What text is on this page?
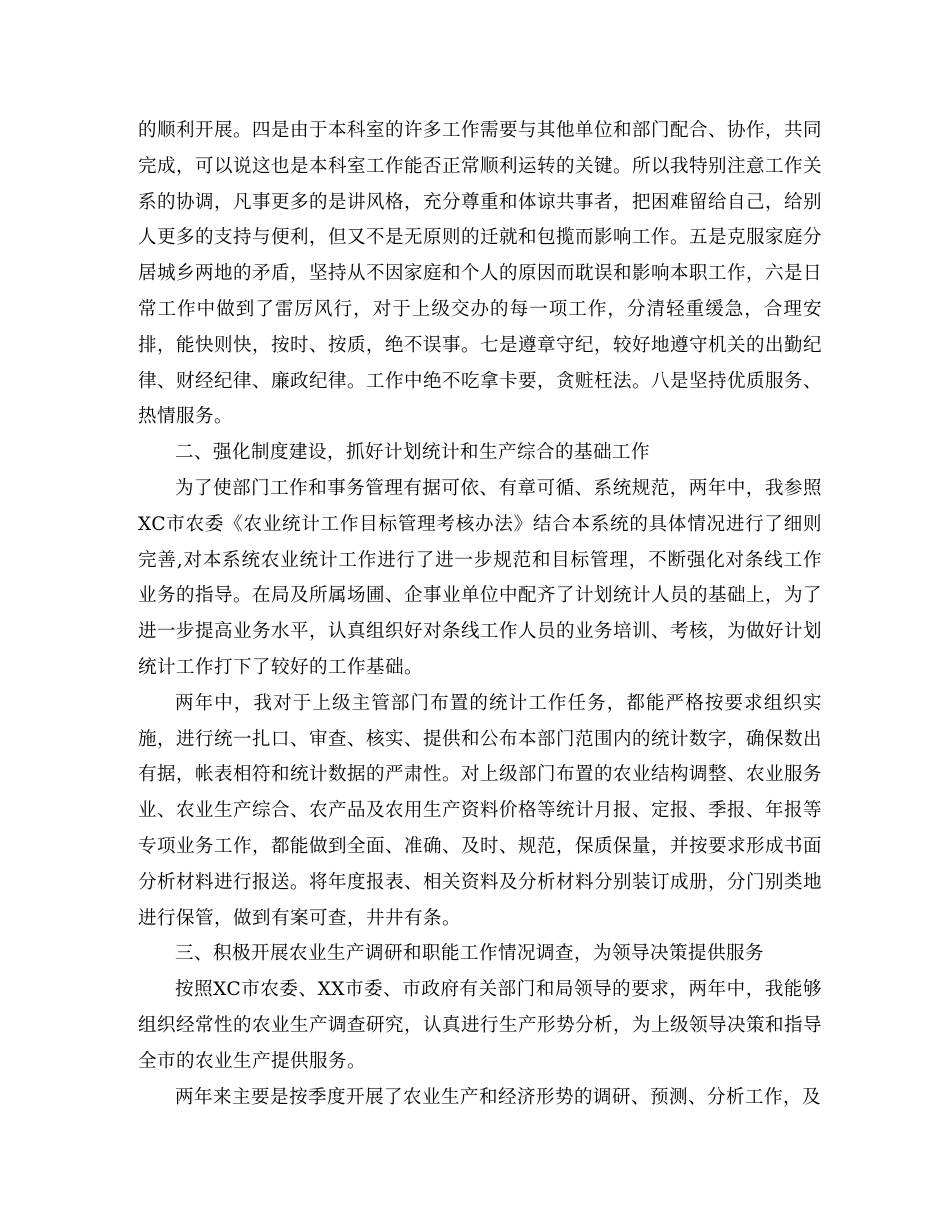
的顺利开展。四是由于本科室的许多工作需要与其他单位和部门配合、协作，共同完成，可以说这也是本科室工作能否正常顺利运转的关键。所以我特别注意工作关系的协调，凡事更多的是讲风格，充分尊重和体谅共事者，把困难留给自己，给别人更多的支持与便利，但又不是无原则的迁就和包揽而影响工作。五是克服家庭分居城乡两地的矛盾，坚持从不因家庭和个人的原因而耽误和影响本职工作，六是日常工作中做到了雷厉风行，对于上级交办的每一项工作，分清轻重缓急，合理安排，能快则快，按时、按质，绝不误事。七是遵章守纪，较好地遵守机关的出勤纪律、财经纪律、廉政纪律。工作中绝不吃拿卡要，贪赃枉法。八是坚持优质服务、热情服务。

二、强化制度建设，抓好计划统计和生产综合的基础工作

为了使部门工作和事务管理有据可依、有章可循、系统规范，两年中，我参照XC市农委《农业统计工作目标管理考核办法》结合本系统的具体情况进行了细则完善,对本系统农业统计工作进行了进一步规范和目标管理，不断强化对条线工作业务的指导。在局及所属场圃、企事业单位中配齐了计划统计人员的基础上，为了进一步提高业务水平，认真组织好对条线工作人员的业务培训、考核，为做好计划统计工作打下了较好的工作基础。

两年中，我对于上级主管部门布置的统计工作任务，都能严格按要求组织实施，进行统一扎口、审查、核实、提供和公布本部门范围内的统计数字，确保数出有据，帐表相符和统计数据的严肃性。对上级部门布置的农业结构调整、农业服务业、农业生产综合、农产品及农用生产资料价格等统计月报、定报、季报、年报等专项业务工作，都能做到全面、准确、及时、规范，保质保量，并按要求形成书面分析材料进行报送。将年度报表、相关资料及分析材料分别装订成册，分门别类地进行保管，做到有案可查，井井有条。

三、积极开展农业生产调研和职能工作情况调查，为领导决策提供服务

按照XC市农委、XX市委、市政府有关部门和局领导的要求，两年中，我能够组织经常性的农业生产调查研究，认真进行生产形势分析，为上级领导决策和指导全市的农业生产提供服务。

两年来主要是按季度开展了农业生产和经济形势的调研、预测、分析工作，及
